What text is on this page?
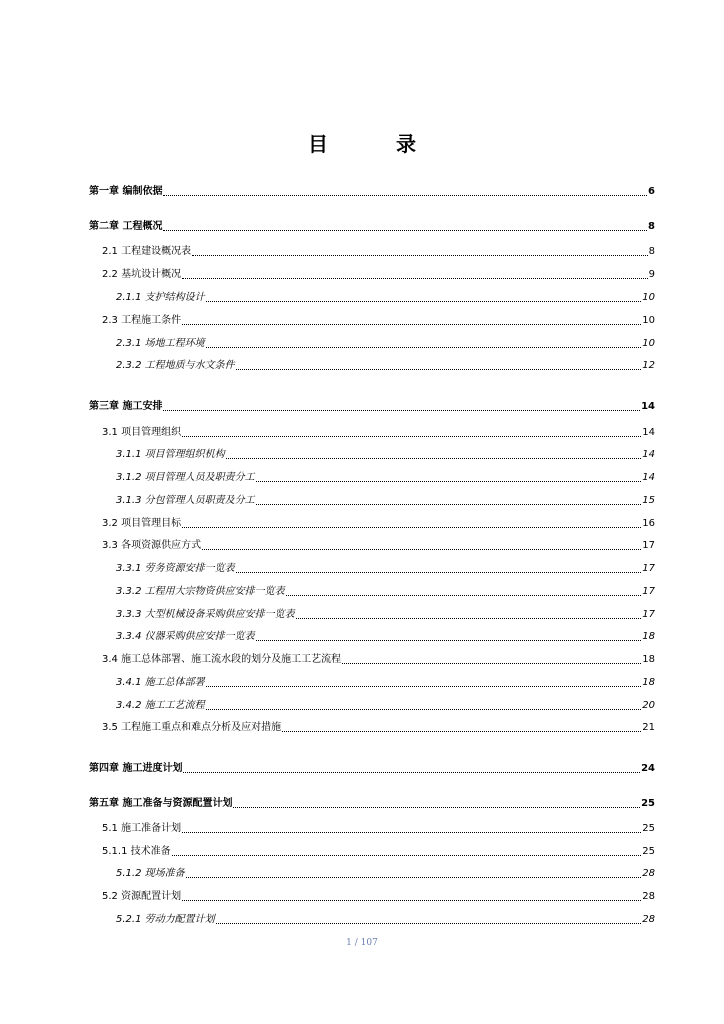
目　录
第一章 编制依据	6
第二章 工程概况	8
2.1 工程建设概况表	8
2.2 基坑设计概况	9
2.1.1 支护结构设计	10
2.3 工程施工条件	10
2.3.1 场地工程环境	10
2.3.2 工程地质与水文条件	12
第三章 施工安排	14
3.1 项目管理组织	14
3.1.1 项目管理组织机构	14
3.1.2 项目管理人员及职责分工	14
3.1.3 分包管理人员职责及分工	15
3.2 项目管理目标	16
3.3 各项资源供应方式	17
3.3.1 劳务资源安排一览表	17
3.3.2 工程用大宗物资供应安排一览表	17
3.3.3 大型机械设备采购供应安排一览表	17
3.3.4 仪器采购供应安排一览表	18
3.4 施工总体部署、施工流水段的划分及施工工艺流程	18
3.4.1 施工总体部署	18
3.4.2 施工工艺流程	20
3.5 工程施工重点和难点分析及应对措施	21
第四章 施工进度计划	24
第五章 施工准备与资源配置计划	25
5.1 施工准备计划	25
5.1.1 技术准备	25
5.1.2 现场准备	28
5.2 资源配置计划	28
5.2.1 劳动力配置计划	28
1 / 107
